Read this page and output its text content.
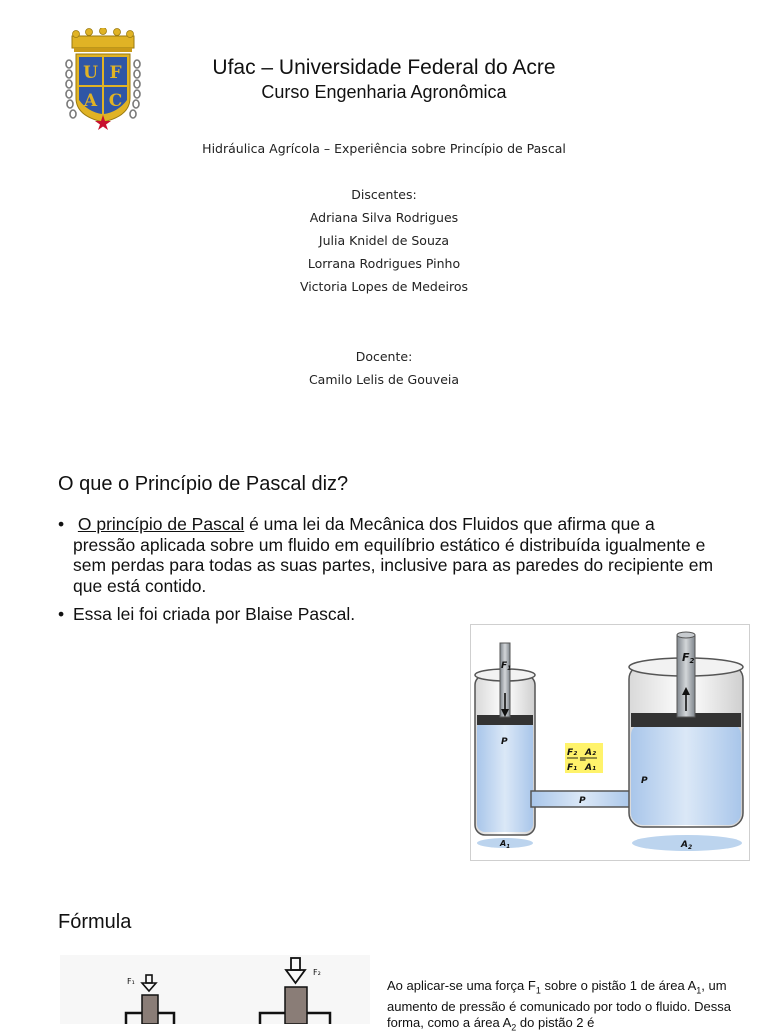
U F
A C
Ufac – Universidade Federal do Acre
Curso Engenharia Agronômica
Hidráulica Agrícola – Experiência sobre Princípio de Pascal
Discentes:
Adriana Silva Rodrigues
Julia Knidel de Souza
Lorrana Rodrigues Pinho
Victoria Lopes de Medeiros
Docente:
Camilo Lelis de Gouveia
O que o Princípio de Pascal diz?
• O princípio de Pascal é uma lei da Mecânica dos Fluidos que afirma que a pressão aplicada sobre um fluido em equilíbrio estático é distribuída igualmente e sem perdas para todas as suas partes, inclusive para as paredes do recipiente em que está contido.
• Essa lei foi criada por Blaise Pascal.
F₂ A₂
=
F₁ A₁
$F_1$
F2
P
P
P
$A_1$	$A_2$
Fórmula
F₁
F₂
Ao aplicar-se uma força $F_1$ sobre o pistão 1 de área $A_1$, um aumento de pressão é comunicado por todo o fluido. Dessa forma, como a área $A_2$ do pistão 2 é
